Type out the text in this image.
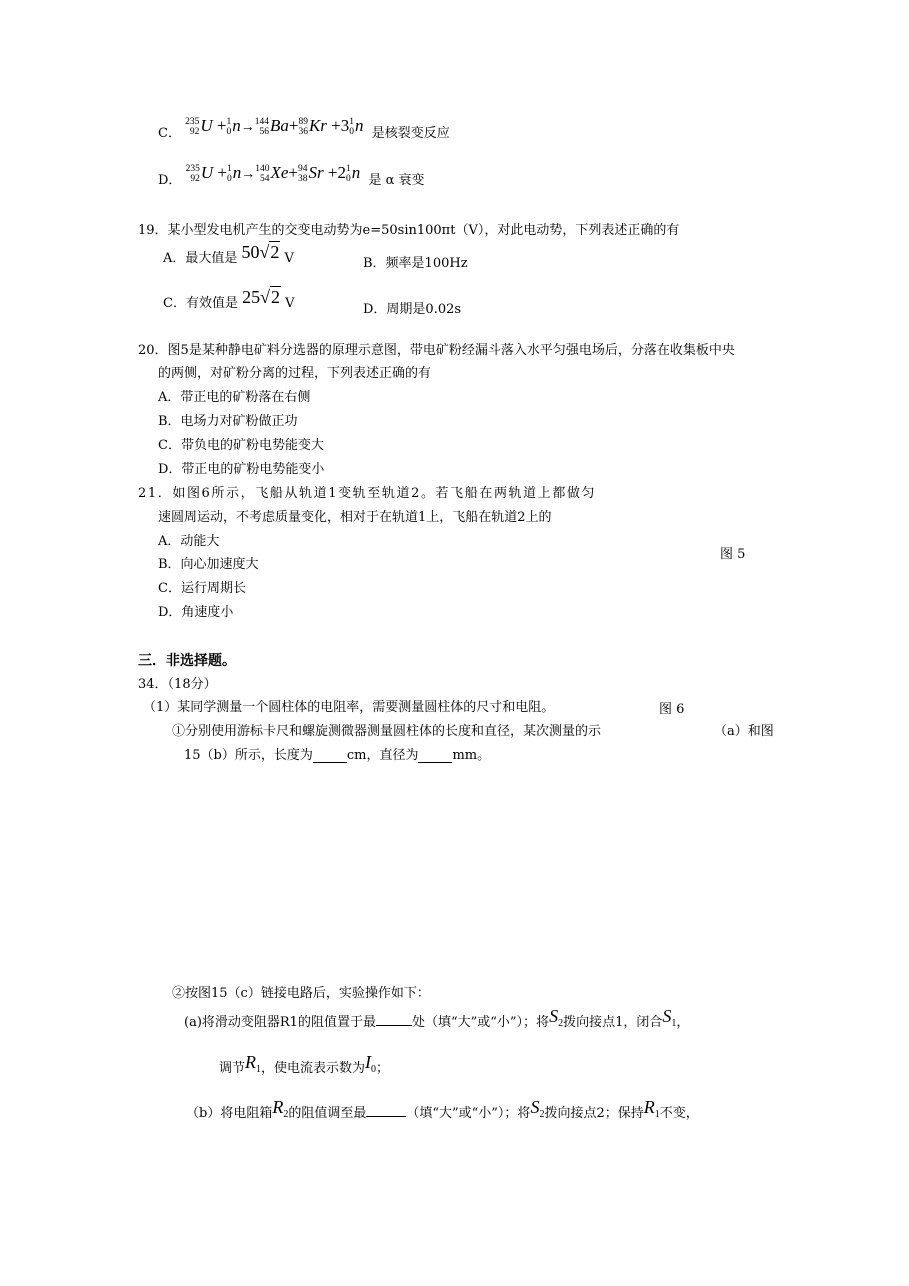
C．
235
92 U + 1
0 n→ 144
56 Ba+ 89
36 Kr +3 1
0 n 是核裂变反应
D．
235
92 U + 1
0 n→ 140
54 Xe+ 94
38 Sr +2 1
0 n 是 α 衰变
19．某小型发电机产生的交变电动势为e=50sin100πt（V），对此电动势，下列表述正确的有
A．最大值是 50√2 V	B．频率是100Hz
C．有效值是 25√2 V	D．周期是0.02s
20．图5是某种静电矿料分选器的原理示意图，带电矿粉经漏斗落入水平匀强电场后，分落在收集板中央
的两侧，对矿粉分离的过程，下列表述正确的有
A．带正电的矿粉落在右侧
B．电场力对矿粉做正功
C．带负电的矿粉电势能变大
D．带正电的矿粉电势能变小
21．如图6所示，飞船从轨道1变轨至轨道2。若飞船在两轨道上都做匀
速圆周运动，不考虑质量变化，相对于在轨道1上，飞船在轨道2上的
A．动能大
B．向心加速度大
C．运行周期长
D．角速度小
图 5
三．非选择题。
34．（18分）
（1）某同学测量一个圆柱体的电阻率，需要测量圆柱体的尺寸和电阻。	图 6
①分别使用游标卡尺和螺旋测微器测量圆柱体的长度和直径，某次测量的示	（a）和图
15（b）所示，长度为	cm，直径为	mm。
②按图15（c）链接电路后，实验操作如下：
(a)将滑动变阻器R1的阻值置于最	处（填“大”或“小”）；将$S_2$拨向接点1，闭合$S_1$，
调节$R_1$，使电流表示数为$I_0$；
（b）将电阻箱$R_2$的阻值调至最	（填“大”或“小”）；将$S_2$拨向接点2；保持$R_1$不变，
